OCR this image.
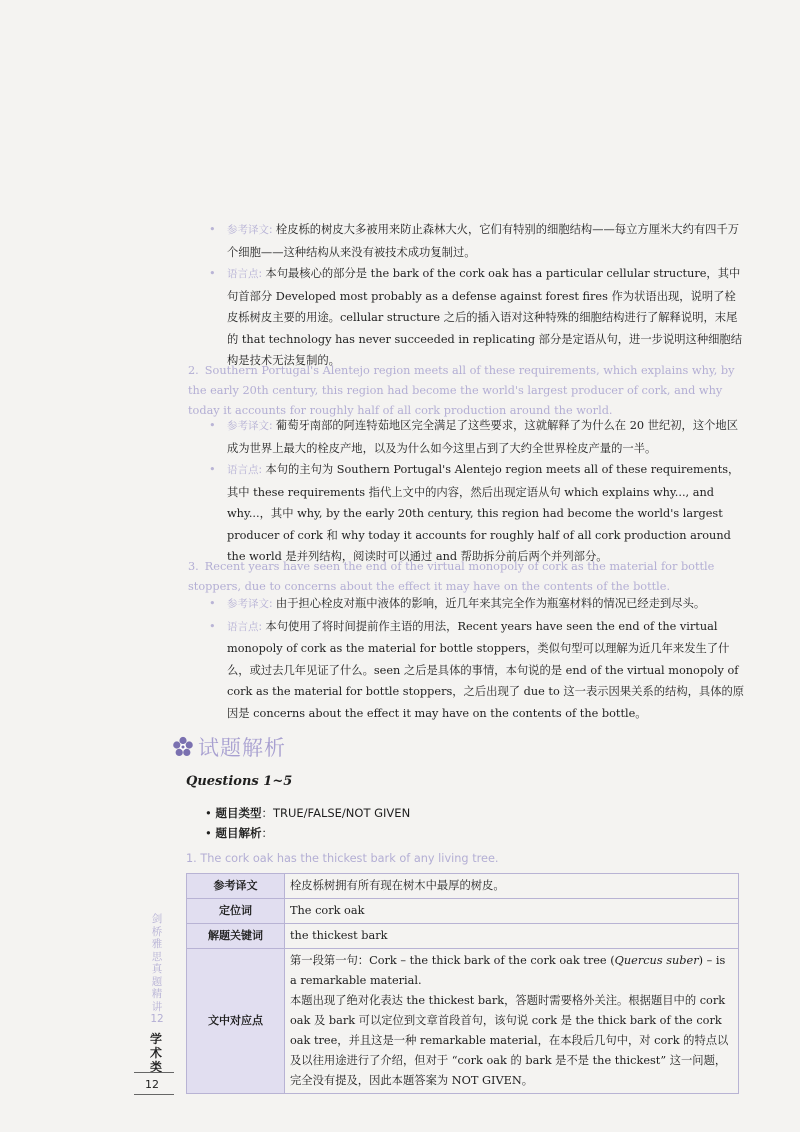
• 参考译文 : 栓皮栎的树皮大多被用来防止森林大火，它们有特别的细胞结构——每立方厘米大约有四千万个细胞——这种结构从来没有被技术成功复制过。
• 语言点 : 本句最核心的部分是 the bark of the cork oak has a particular cellular structure，其中句首部分 Developed most probably as a defense against forest fires 作为状语出现，说明了栓皮栎树皮主要的用途。cellular structure 之后的插入语对这种特殊的细胞结构进行了解释说明，末尾的 that technology has never succeeded in replicating 部分是定语从句，进一步说明这种细胞结构是技术无法复制的。
2. Southern Portugal's Alentejo region meets all of these requirements, which explains why, by the early 20th century, this region had become the world's largest producer of cork, and why today it accounts for roughly half of all cork production around the world.
• 参考译文 : 葡萄牙南部的阿连特茹地区完全满足了这些要求，这就解释了为什么在 20 世纪初，这个地区成为世界上最大的栓皮产地，以及为什么如今这里占到了大约全世界栓皮产量的一半。
• 语言点 : 本句的主句为 Southern Portugal's Alentejo region meets all of these requirements，其中 these requirements 指代上文中的内容，然后出现定语从句 which explains why..., and why...，其中 why, by the early 20th century, this region had become the world's largest producer of cork 和 why today it accounts for roughly half of all cork production around the world 是并列结构，阅读时可以通过 and 帮助拆分前后两个并列部分。
3. Recent years have seen the end of the virtual monopoly of cork as the material for bottle stoppers, due to concerns about the effect it may have on the contents of the bottle.
• 参考译文 : 由于担心栓皮对瓶中液体的影响，近几年来其完全作为瓶塞材料的情况已经走到尽头。
• 语言点 : 本句使用了将时间提前作主语的用法，Recent years have seen the end of the virtual monopoly of cork as the material for bottle stoppers，类似句型可以理解为近几年来发生了什么，或过去几年见证了什么。seen 之后是具体的事情，本句说的是 end of the virtual monopoly of cork as the material for bottle stoppers，之后出现了 due to 这一表示因果关系的结构，具体的原因是 concerns about the effect it may have on the contents of the bottle。
试题解析
Questions 1~5
• 题目类型：TRUE/FALSE/NOT GIVEN
• 题目解析：
1. The cork oak has the thickest bark of any living tree.
参考译文	栓皮栎树拥有所有现在树木中最厚的树皮。
定位词	The cork oak
解题关键词	the thickest bark
文中对应点	第一段第一句：Cork – the thick bark of the cork oak tree (Quercus suber) – is a remarkable material.
本题出现了绝对化表达 the thickest bark，答题时需要格外关注。根据题目中的 cork oak 及 bark 可以定位到文章首段首句，该句说 cork 是 the thick bark of the cork oak tree，并且这是一种 remarkable material，在本段后几句中，对 cork 的特点以及以往用途进行了介绍，但对于 “cork oak 的 bark 是不是 the thickest” 这一问题，完全没有提及，因此本题答案为 NOT GIVEN。
剑桥雅思真题精讲12
学术类
12
